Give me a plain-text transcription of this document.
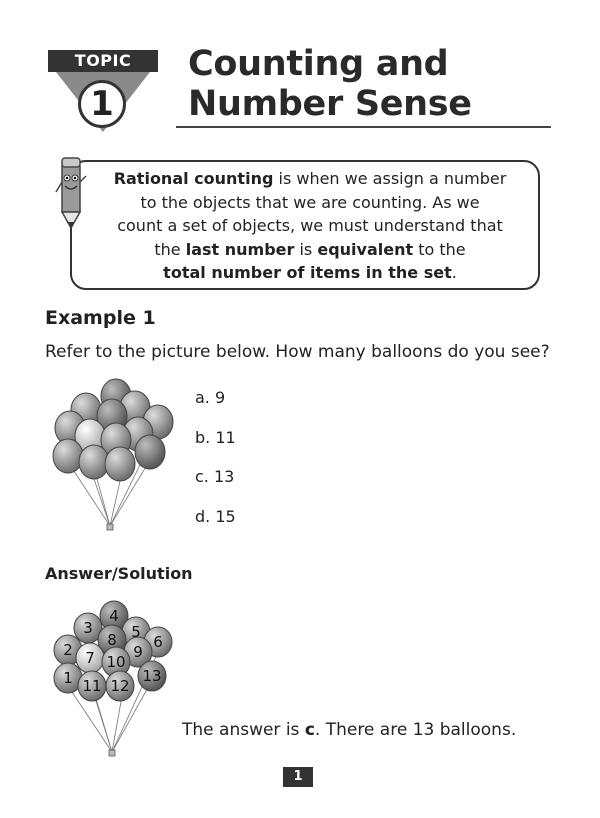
TOPIC
1
Counting and
Number Sense
Rational counting is when we assign a number
to the objects that we are counting. As we
count a set of objects, we must understand that
the last number is equivalent to the
total number of items in the set.
Example 1
Refer to the picture below. How many balloons do you see?
a. 9
b. 11
c. 13
d. 15
Answer/Solution
1
2
3
4
5
6
7
8
9
10
11 12
13
The answer is c. There are 13 balloons.
1
